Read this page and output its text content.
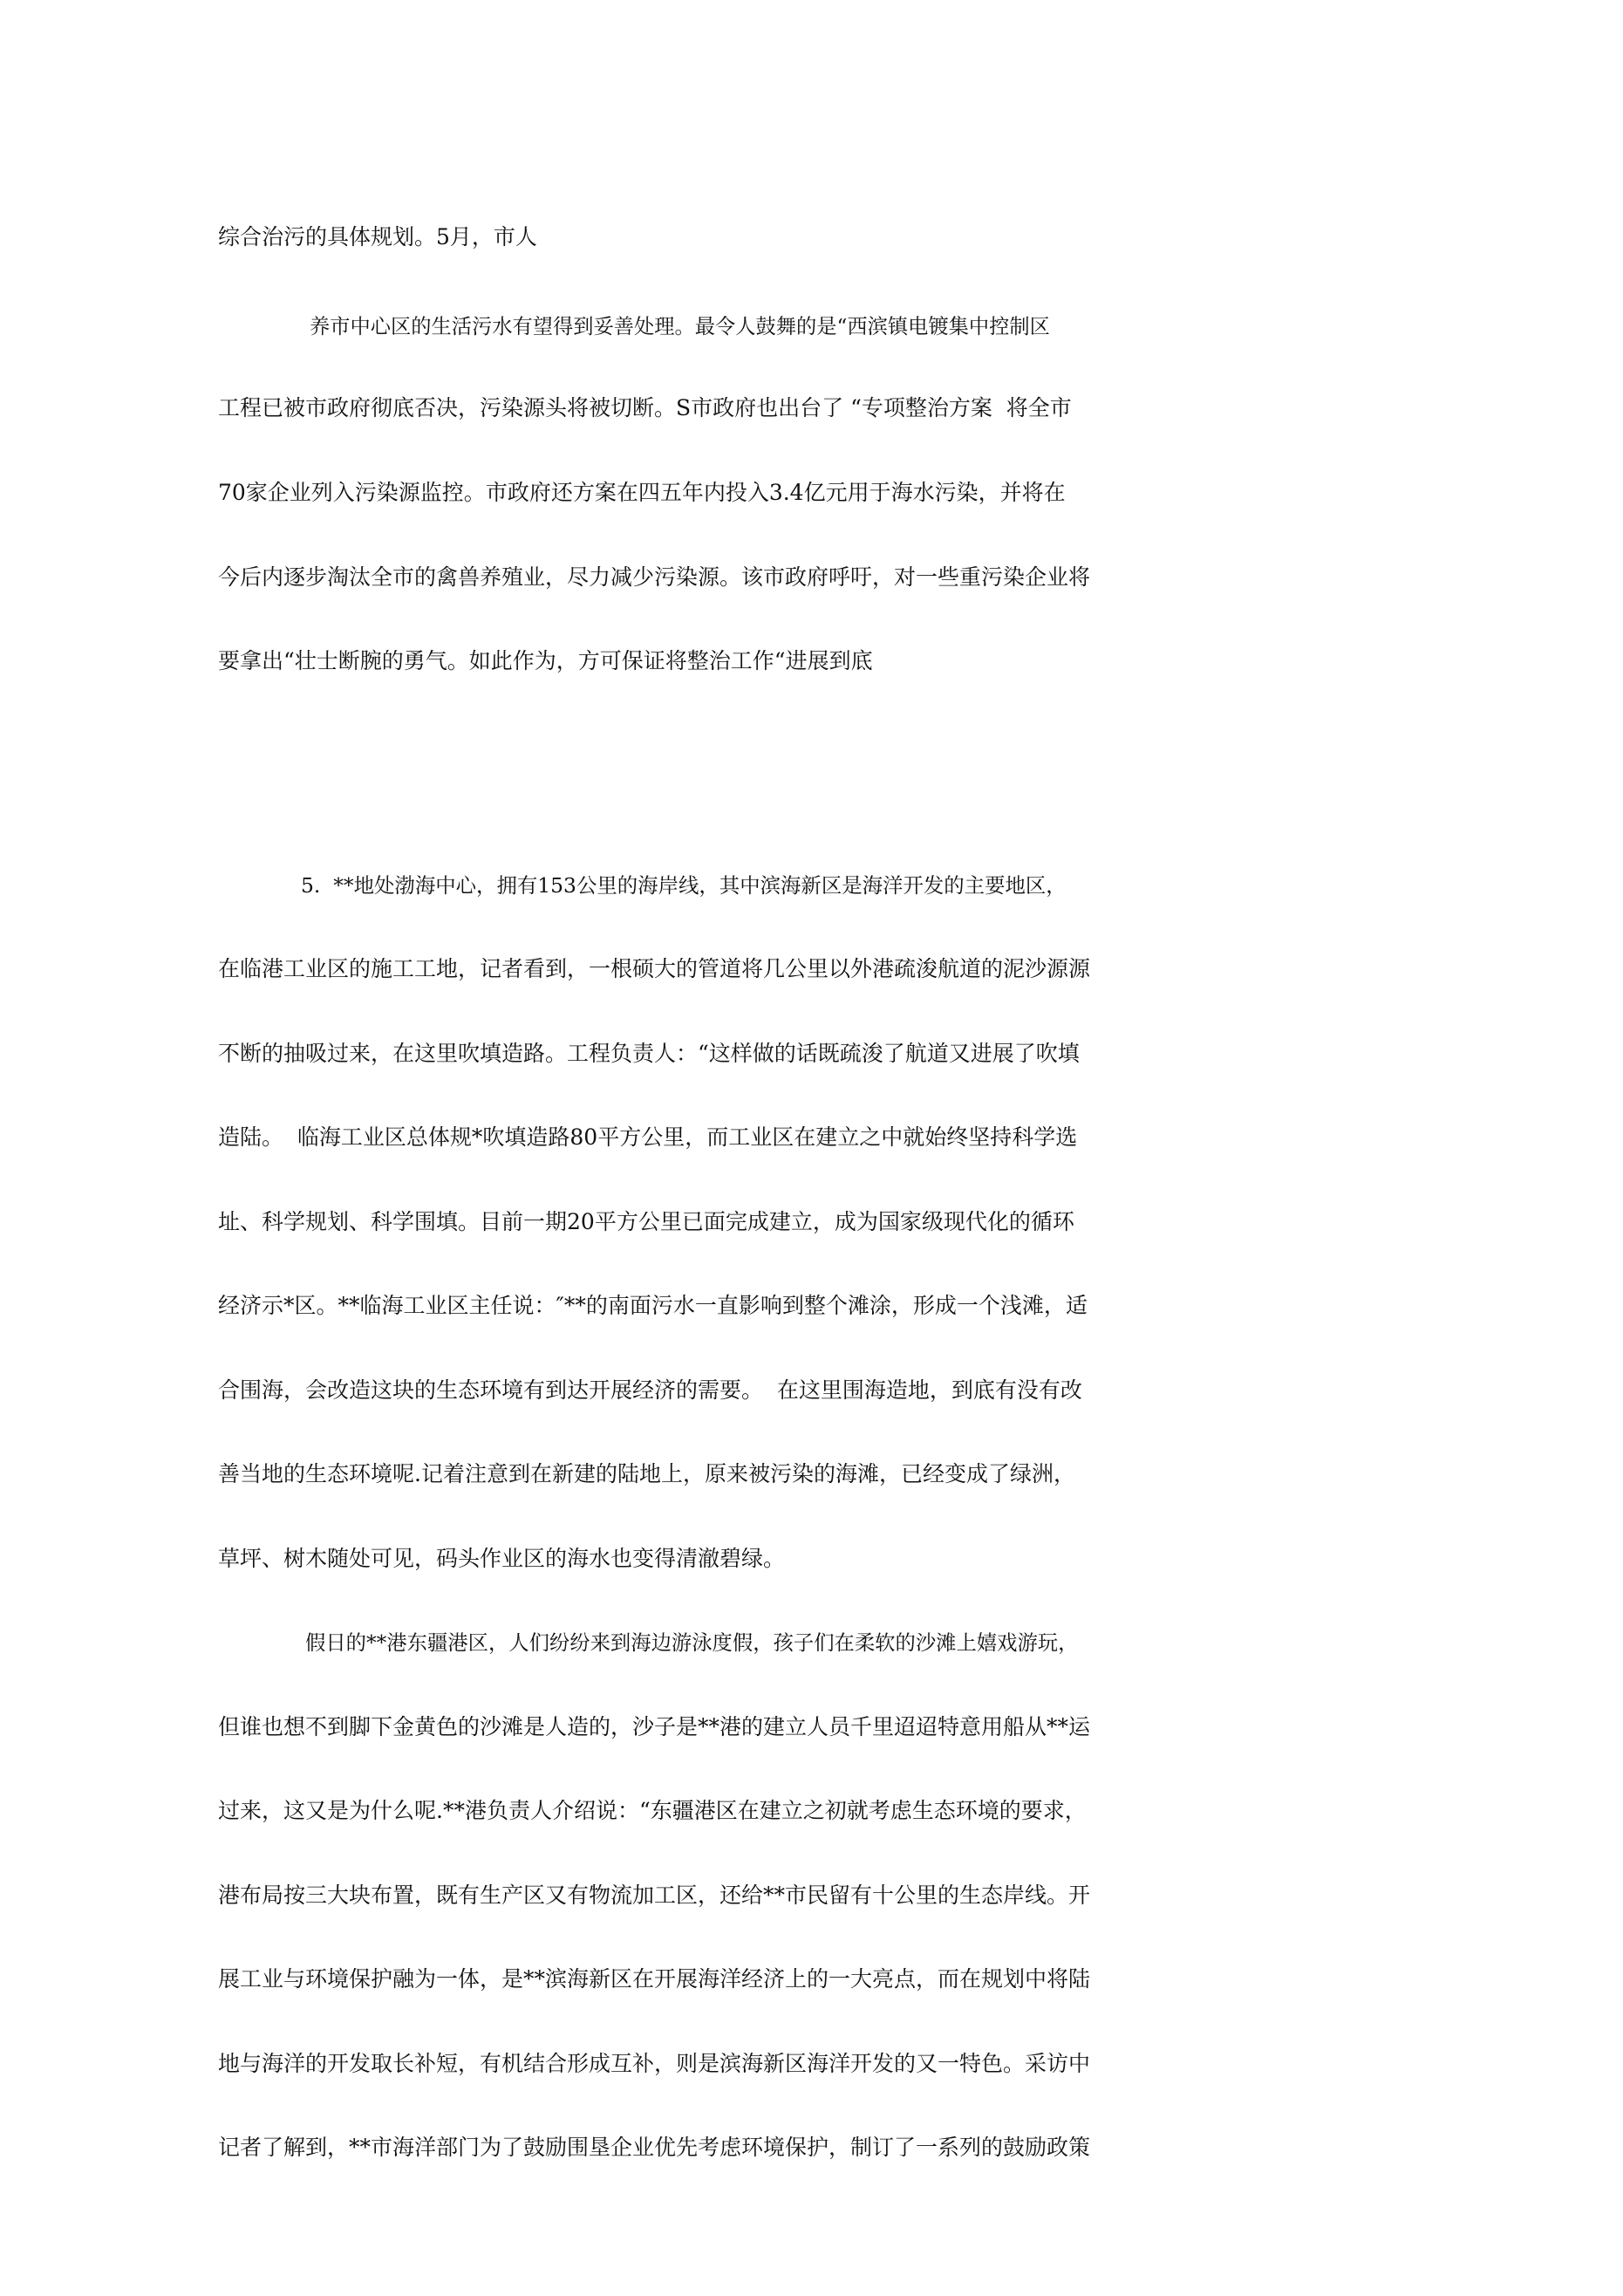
综合治污的具体规划。5月，市人
养市中心区的生活污水有望得到妥善处理。最令人鼓舞的是“西滨镇电镀集中控制区
工程已被市政府彻底否决，污染源头将被切断。S市政府也出台了 “专项整治方案  将全市
70家企业列入污染源监控。市政府还方案在四五年内投入3.4亿元用于海水污染，并将在
今后内逐步淘汰全市的禽兽养殖业，尽力减少污染源。该市政府呼吁，对一些重污染企业将
要拿出“壮士断腕的勇气。如此作为，方可保证将整治工作“进展到底
5.  **地处渤海中心，拥有153公里的海岸线，其中滨海新区是海洋开发的主要地区，
在临港工业区的施工工地，记者看到，一根硕大的管道将几公里以外港疏浚航道的泥沙源源
不断的抽吸过来，在这里吹填造路。工程负责人：“这样做的话既疏浚了航道又进展了吹填
造陆。  临海工业区总体规*吹填造路80平方公里，而工业区在建立之中就始终坚持科学选
址、科学规划、科学围填。目前一期20平方公里已面完成建立，成为国家级现代化的循环
经济示*区。**临海工业区主任说：″**的南面污水一直影响到整个滩涂，形成一个浅滩，适
合围海，会改造这块的生态环境有到达开展经济的需要。  在这里围海造地，到底有没有改
善当地的生态环境呢.记着注意到在新建的陆地上，原来被污染的海滩，已经变成了绿洲，
草坪、树木随处可见，码头作业区的海水也变得清澈碧绿。
假日的**港东疆港区，人们纷纷来到海边游泳度假，孩子们在柔软的沙滩上嬉戏游玩，
但谁也想不到脚下金黄色的沙滩是人造的，沙子是**港的建立人员千里迢迢特意用船从**运
过来，这又是为什么呢.**港负责人介绍说：“东疆港区在建立之初就考虑生态环境的要求，
港布局按三大块布置，既有生产区又有物流加工区，还给**市民留有十公里的生态岸线。开
展工业与环境保护融为一体，是**滨海新区在开展海洋经济上的一大亮点，而在规划中将陆
地与海洋的开发取长补短，有机结合形成互补，则是滨海新区海洋开发的又一特色。采访中
记者了解到，**市海洋部门为了鼓励围垦企业优先考虑环境保护，制订了一系列的鼓励政策
